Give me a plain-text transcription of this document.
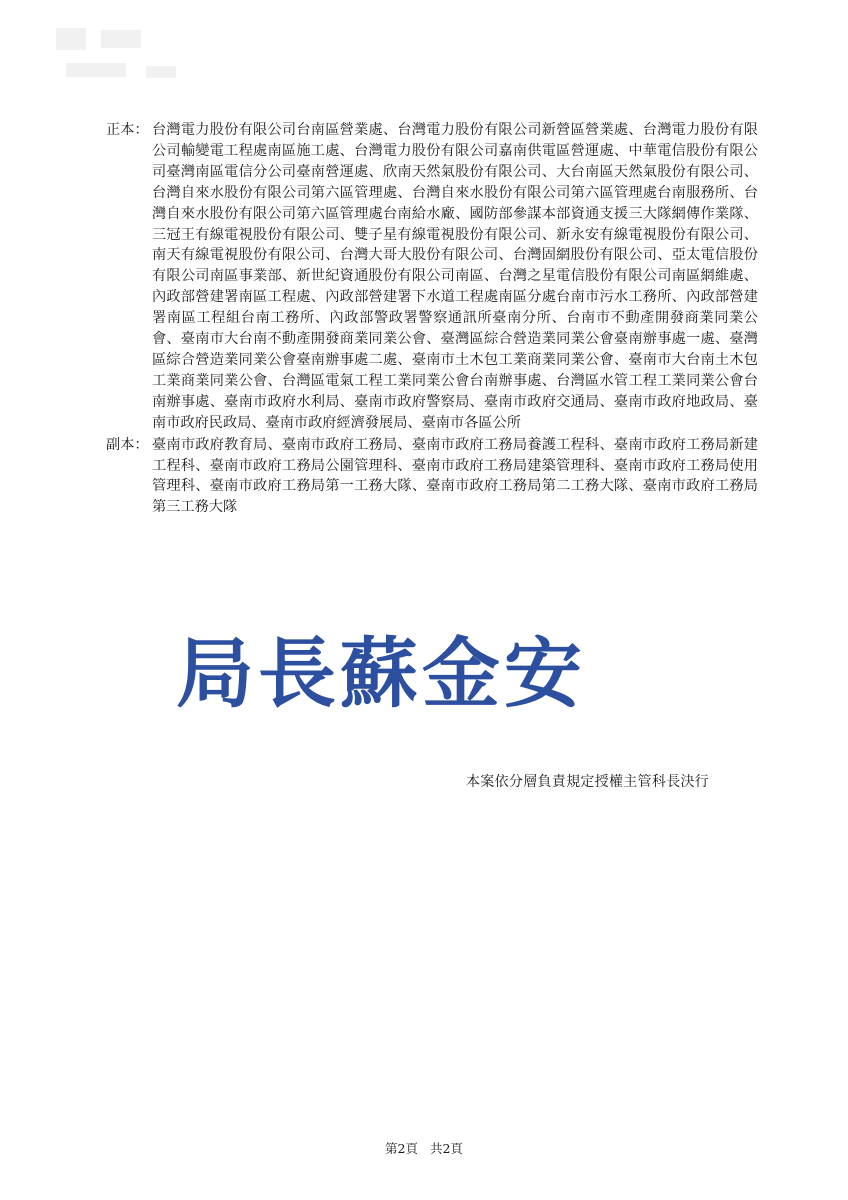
正本： 台灣電力股份有限公司台南區營業處、台灣電力股份有限公司新營區營業處、台灣電力股份有限公司輸變電工程處南區施工處、台灣電力股份有限公司嘉南供電區營運處、中華電信股份有限公司臺灣南區電信分公司臺南營運處、欣南天然氣股份有限公司、大台南區天然氣股份有限公司、台灣自來水股份有限公司第六區管理處、台灣自來水股份有限公司第六區管理處台南服務所、台灣自來水股份有限公司第六區管理處台南給水廠、國防部參謀本部資通支援三大隊網傳作業隊、三冠王有線電視股份有限公司、雙子星有線電視股份有限公司、新永安有線電視股份有限公司、南天有線電視股份有限公司、台灣大哥大股份有限公司、台灣固網股份有限公司、亞太電信股份有限公司南區事業部、新世紀資通股份有限公司南區、台灣之星電信股份有限公司南區網維處、內政部營建署南區工程處、內政部營建署下水道工程處南區分處台南市污水工務所、內政部營建署南區工程組台南工務所、內政部警政署警察通訊所臺南分所、台南市不動產開發商業同業公會、臺南市大台南不動產開發商業同業公會、臺灣區綜合營造業同業公會臺南辦事處一處、臺灣區綜合營造業同業公會臺南辦事處二處、臺南市土木包工業商業同業公會、臺南市大台南土木包工業商業同業公會、台灣區電氣工程工業同業公會台南辦事處、台灣區水管工程工業同業公會台南辦事處、臺南市政府水利局、臺南市政府警察局、臺南市政府交通局、臺南市政府地政局、臺南市政府民政局、臺南市政府經濟發展局、臺南市各區公所
副本： 臺南市政府教育局、臺南市政府工務局、臺南市政府工務局養護工程科、臺南市政府工務局新建工程科、臺南市政府工務局公園管理科、臺南市政府工務局建築管理科、臺南市政府工務局使用管理科、臺南市政府工務局第一工務大隊、臺南市政府工務局第二工務大隊、臺南市政府工務局第三工務大隊
局長蘇金安
本案依分層負責規定授權主管科長決行
第2頁 共2頁
